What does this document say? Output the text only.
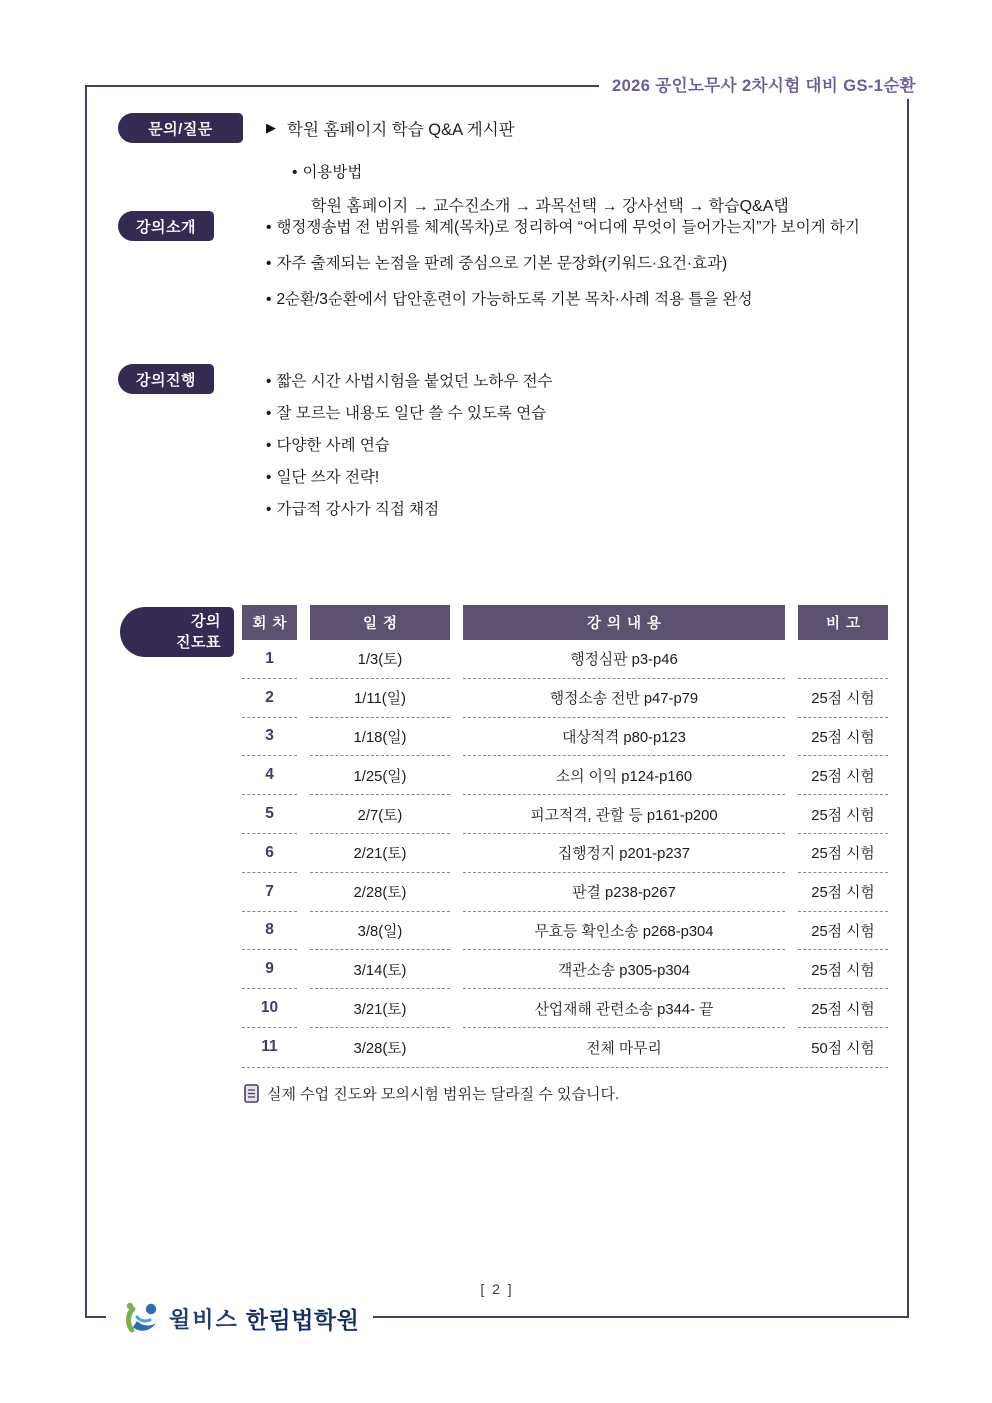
2026 공인노무사 2차시험 대비 GS-1순환
문의/질문	▶ 학원 홈페이지 학습 Q&A 게시판
• 이용방법
학원 홈페이지 → 교수진소개 → 과목선택 → 강사선택 → 학습Q&A탭
강의소개	• 행정쟁송법 전 범위를 체계(목차)로 정리하여 “어디에 무엇이 들어가는지”가 보이게 하기

• 자주 출제되는 논점을 판례 중심으로 기본 문장화(키워드·요건·효과)

• 2순환/3순환에서 답안훈련이 가능하도록 기본 목차·사례 적용 틀을 완성

강의진행	• 짧은 시간 사법시험을 붙었던 노하우 전수

• 잘 모르는 내용도 일단 쓸 수 있도록 연습

• 다양한 사례 연습

• 일단 쓰자 전략!

• 가급적 강사가 직접 채점

강의
진도표
회차	일정	강의내용	비고
1	1/3(토)	행정심판 p3-p46
2	1/11(일)	행정소송 전반 p47-p79	25점 시험
3	1/18(일)	대상적격 p80-p123	25점 시험
4	1/25(일)	소의 이익 p124-p160	25점 시험
5	2/7(토)	피고적격, 관할 등 p161-p200	25점 시험
6	2/21(토)	집행정지 p201-p237	25점 시험
7	2/28(토)	판결 p238-p267	25점 시험
8	3/8(일)	무효등 확인소송 p268-p304	25점 시험
9	3/14(토)	객관소송 p305-p304	25점 시험
10	3/21(토)	산업재해 관련소송 p344- 끝	25점 시험
11	3/28(토)	전체 마무리	50점 시험
실제 수업 진도와 모의시험 범위는 달라질 수 있습니다.
[ 2 ]
윌비스 한림법학원
